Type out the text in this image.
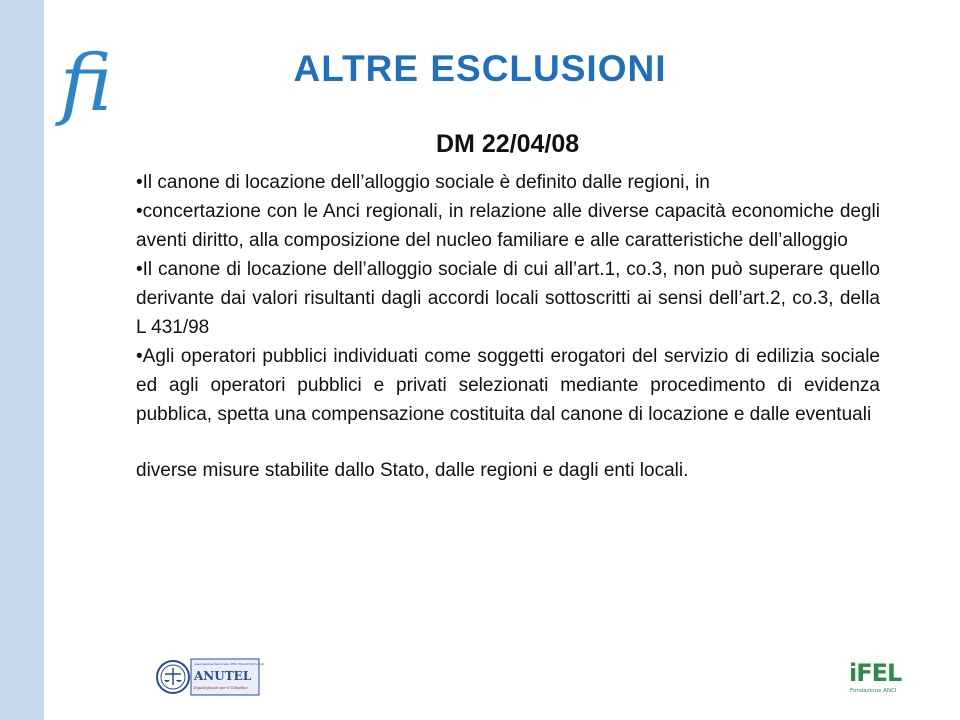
fi	ALTRE ESCLUSIONI
DM 22/04/08

•Il canone di locazione dell’alloggio sociale è definito dalle regioni, in

•concertazione con le Anci regionali, in relazione alle diverse capacità economiche degli aventi diritto, alla composizione del nucleo familiare e alle caratteristiche dell’alloggio

•Il canone di locazione dell’alloggio sociale di cui all’art.1, co.3, non può superare quello derivante dai valori risultanti dagli accordi locali sottoscritti ai sensi dell’art.2, co.3, della L 431/98

•Agli operatori pubblici individuati come soggetti erogatori del servizio di edilizia sociale ed agli operatori pubblici e privati selezionati mediante procedimento di evidenza pubblica, spetta una compensazione costituita dal canone di locazione e dalle eventuali

diverse misure stabilite dallo Stato, dalle regioni e dagli enti locali.

Associazione Nazionale Uffici Tributi Enti Locali
ANUTEL
Equità fiscale per il Cittadino
iFEL
Fondazione ANCI
